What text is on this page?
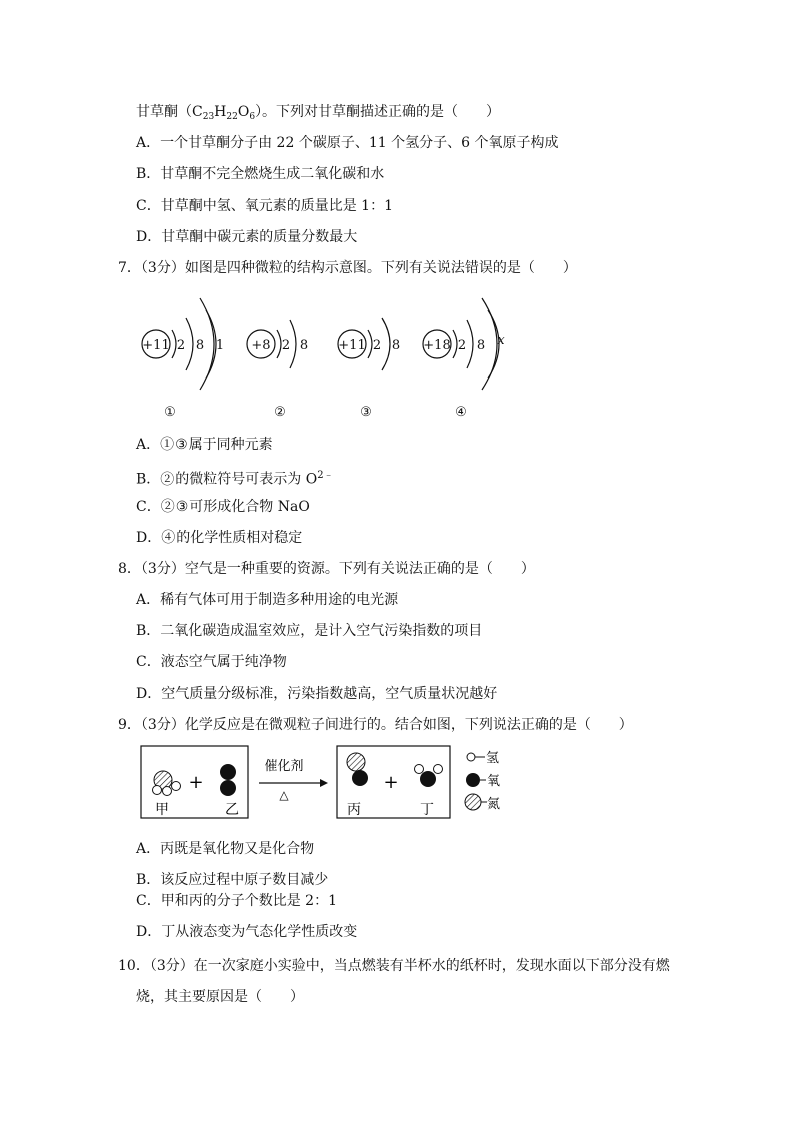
甘草酮$(C_{23}H_{22}O_6)$。下列对甘草酮描述正确的是（　　）
A．一个甘草酮分子由 22 个碳原子、11 个氢分子、6 个氧原子构成
B．甘草酮不完全燃烧生成二氧化碳和水
C．甘草酮中氢、氧元素的质量比是 1：1
D．甘草酮中碳元素的质量分数最大
7．（3分）如图是四种微粒的结构示意图。下列有关说法错误的是（　　）
+11 2 8 1
①
+8 2 8
②
+11 2 8
③
+18 2 8 x
④
A．①③属于同种元素
B．②的微粒符号可表示为 $O^{2﹣}$
C．②③可形成化合物 NaO
D．④的化学性质相对稳定
8．（3分）空气是一种重要的资源。下列有关说法正确的是（　　）
A．稀有气体可用于制造多种用途的电光源
B．二氧化碳造成温室效应，是计入空气污染指数的项目
C．液态空气属于纯净物
D．空气质量分级标准，污染指数越高，空气质量状况越好
9．（3分）化学反应是在微观粒子间进行的。结合如图，下列说法正确的是（　　）
+
甲	乙
催化剂
△
+
丙	丁
氢
氧
氮
A．丙既是氧化物又是化合物
B．该反应过程中原子数目减少
C．甲和丙的分子个数比是 2：1
D．丁从液态变为气态化学性质改变
10．（3分）在一次家庭小实验中，当点燃装有半杯水的纸杯时，发现水面以下部分没有燃
烧，其主要原因是（　　）
